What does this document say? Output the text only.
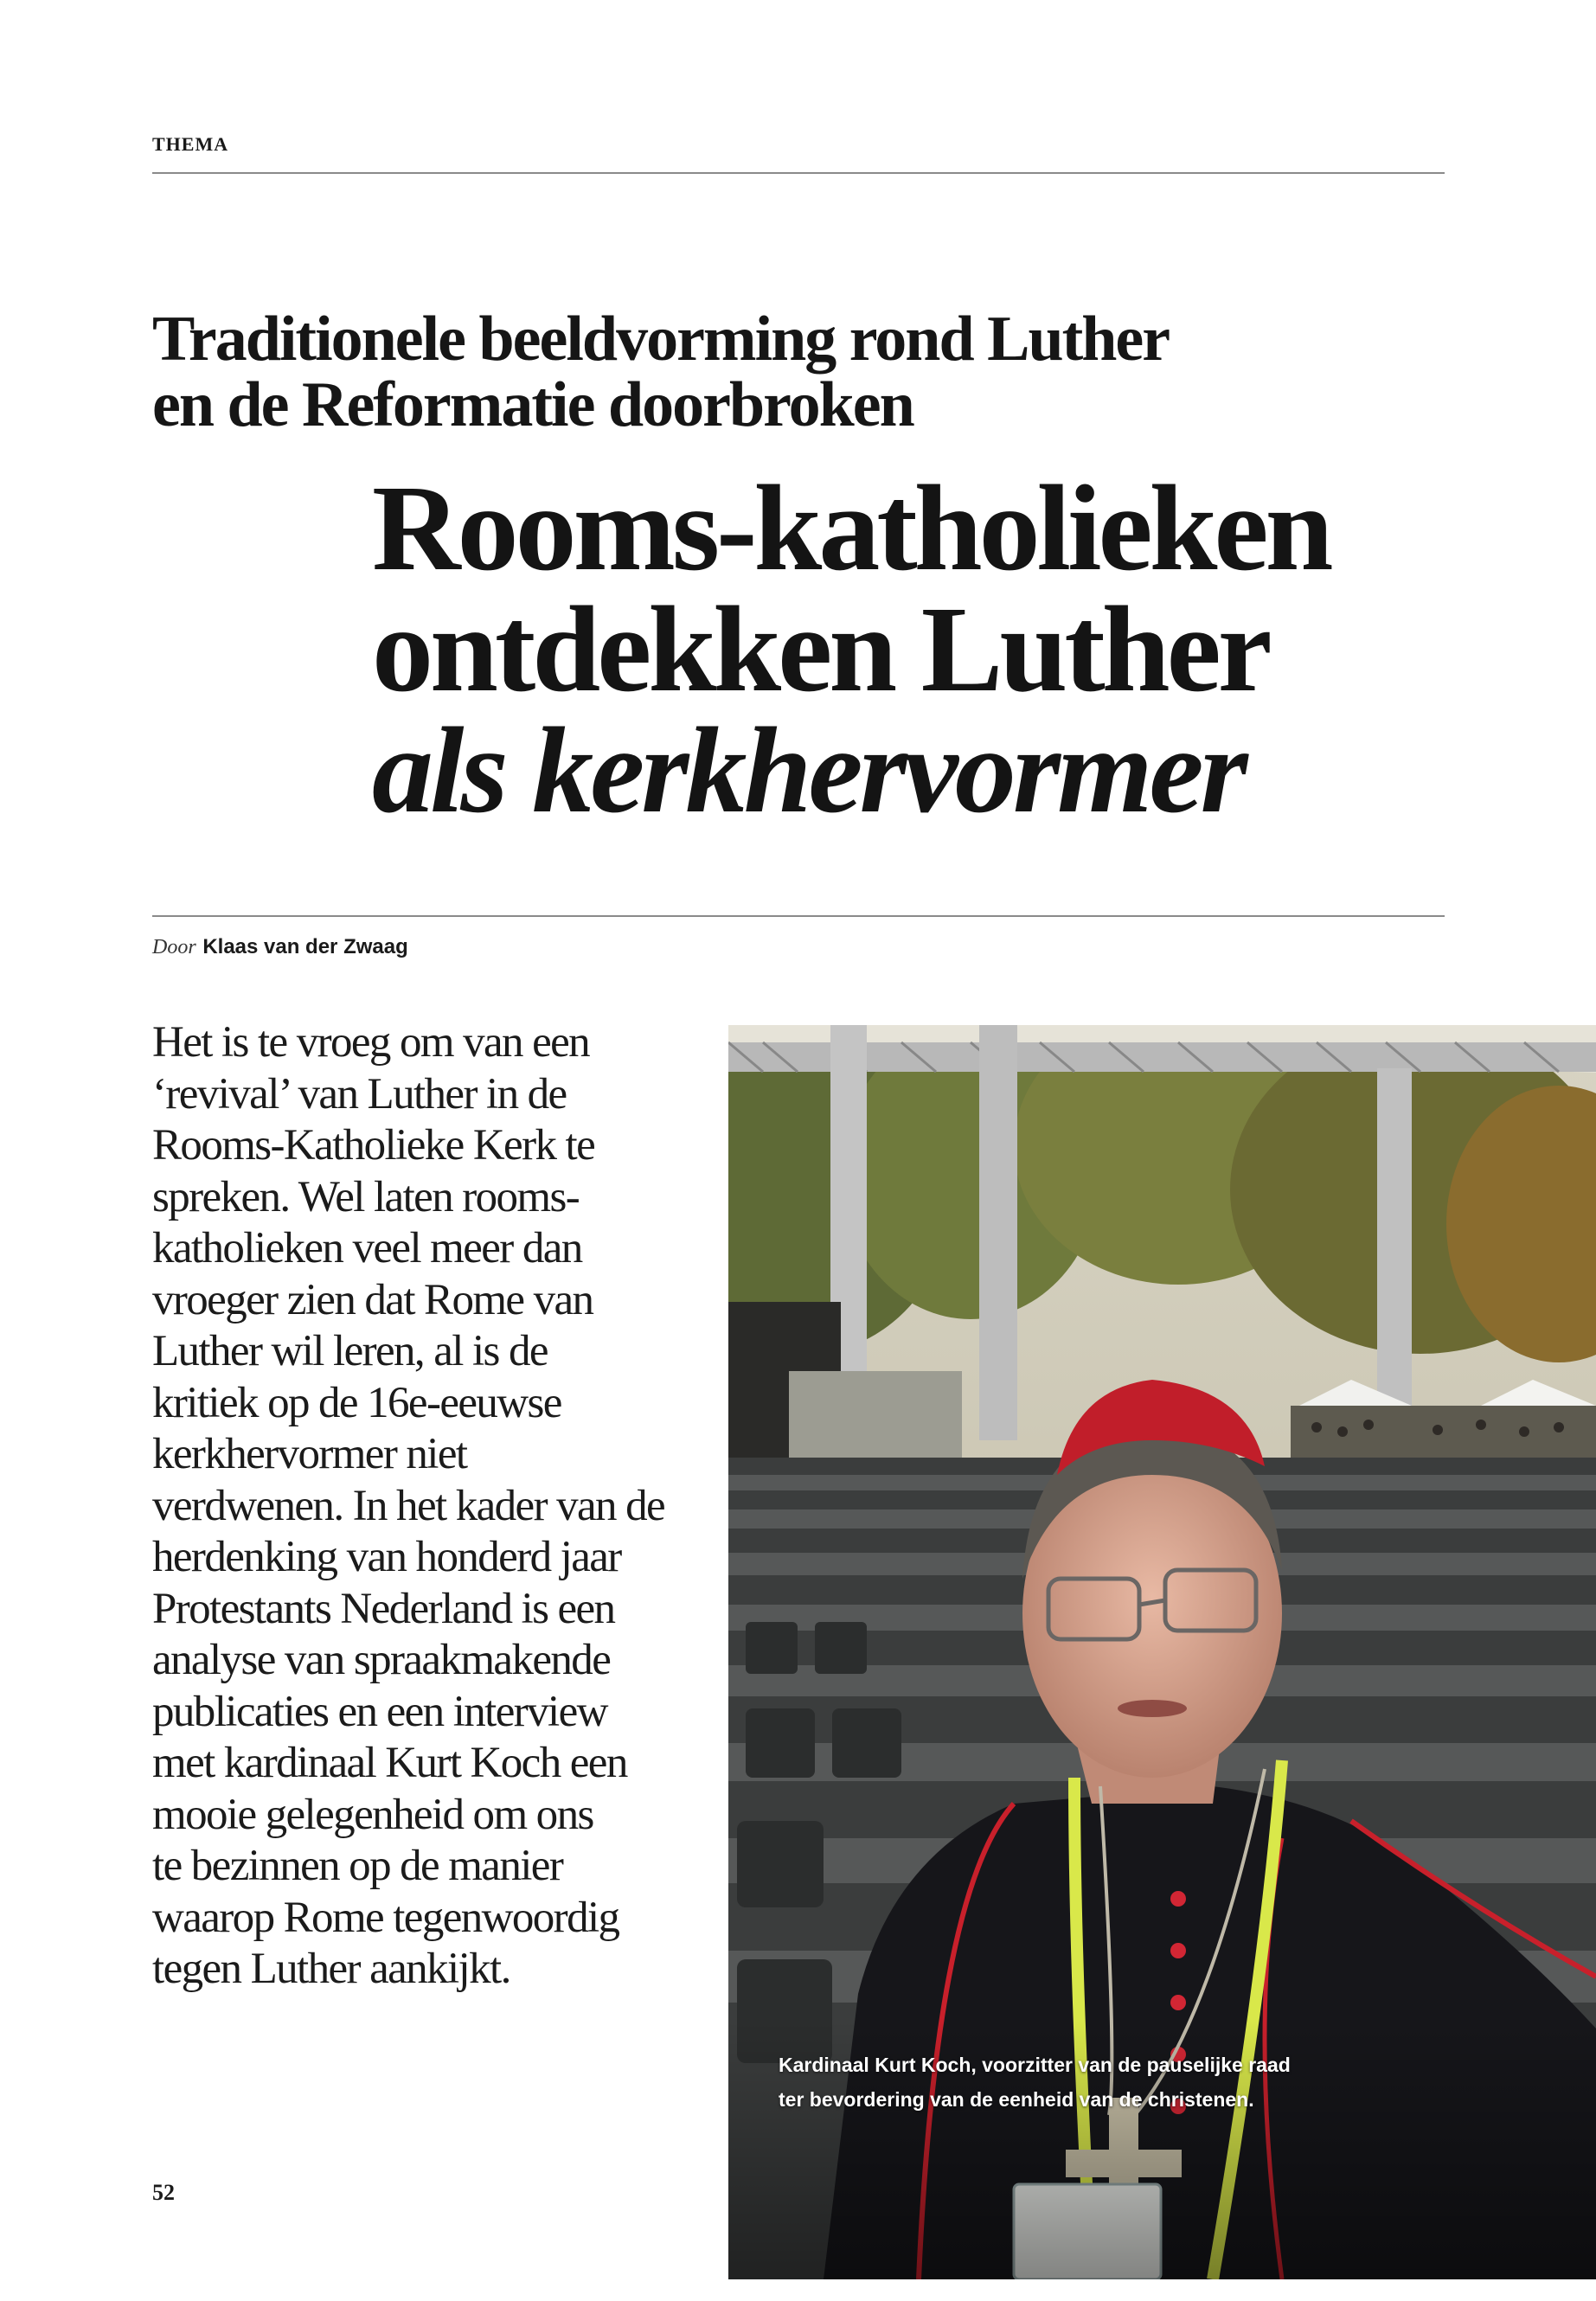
THEMA
Traditionele beeldvorming rond Luther
en de Reformatie doorbroken
Rooms-katholieken
ontdekken Luther
als kerkhervormer
Door Klaas van der Zwaag
Het is te vroeg om van een
‘revival’ van Luther in de
Rooms-Katholieke Kerk te
spreken. Wel laten rooms-
katholieken veel meer dan
vroeger zien dat Rome van
Luther wil leren, al is de
kritiek op de 16e-eeuwse
kerkhervormer niet
verdwenen. In het kader van de
herdenking van honderd jaar
Protestants Nederland is een
analyse van spraakmakende
publicaties en een interview
met kardinaal Kurt Koch een
mooie gelegenheid om ons
te bezinnen op de manier
waarop Rome tegenwoordig
tegen Luther aankijkt.
Kardinaal Kurt Koch, voorzitter van de pauselijke raad
ter bevordering van de eenheid van de christenen.
52
